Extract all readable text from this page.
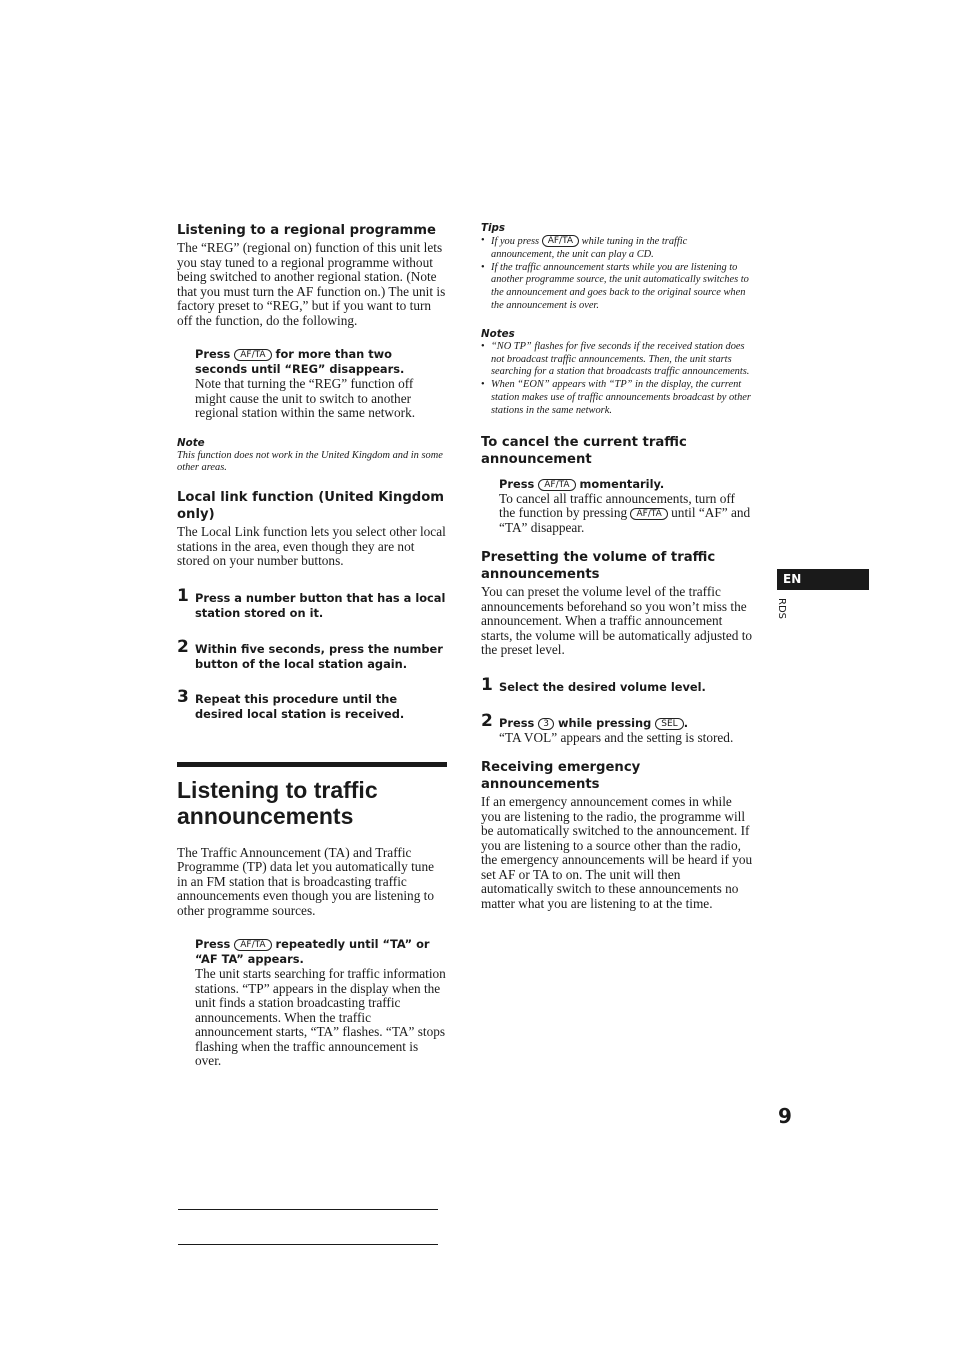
Listening to a regional programme

The “REG” (regional on) function of this unit lets you stay tuned to a regional programme without being switched to another regional station. (Note that you must turn the AF function on.) The unit is factory preset to “REG,” but if you want to turn off the function, do the following.

Press AF/TA for more than two seconds until “REG” disappears.

Note that turning the “REG” function off might cause the unit to switch to another regional station within the same network.

Note

This function does not work in the United Kingdom and in some other areas.

Local link function (United Kingdom only)

The Local Link function lets you select other local stations in the area, even though they are not stored on your number buttons.

1 Press a number button that has a local station stored on it.
2 Within five seconds, press the number button of the local station again.
3 Repeat this procedure until the desired local station is received.
Listening to traffic announcements

The Traffic Announcement (TA) and Traffic Programme (TP) data let you automatically tune in an FM station that is broadcasting traffic announcements even though you are listening to other programme sources.

Press AF/TA repeatedly until “TA” or “AF TA” appears.

The unit starts searching for traffic information stations. “TP” appears in the display when the unit finds a station broadcasting traffic announcements. When the traffic announcement starts, “TA” flashes. “TA” stops flashing when the traffic announcement is over.

Tips

• If you press AF/TA while tuning in the traffic announcement, the unit can play a CD.
• If the traffic announcement starts while you are listening to another programme source, the unit automatically switches to the announcement and goes back to the original source when the announcement is over.

Notes

• “NO TP” flashes for five seconds if the received station does not broadcast traffic announcements. Then, the unit starts searching for a station that broadcasts traffic announcements.
• When “EON” appears with “TP” in the display, the current station makes use of traffic announcements broadcast by other stations in the same network.
To cancel the current traffic announcement

Press AF/TA momentarily.

To cancel all traffic announcements, turn off the function by pressing AF/TA until “AF” and “TA” disappear.

Presetting the volume of traffic announcements

You can preset the volume level of the traffic announcements beforehand so you won’t miss the announcement. When a traffic announcement starts, the volume will be automatically adjusted to the preset level.

1 Select the desired volume level.
2 Press 3 while pressing SEL .

“TA VOL” appears and the setting is stored.

Receiving emergency announcements

If an emergency announcement comes in while you are listening to the radio, the programme will be automatically switched to the announcement. If you are listening to a source other than the radio, the emergency announcements will be heard if you set AF or TA to on. The unit will then automatically switch to these announcements no matter what you are listening to at the time.

EN
RDS
9
